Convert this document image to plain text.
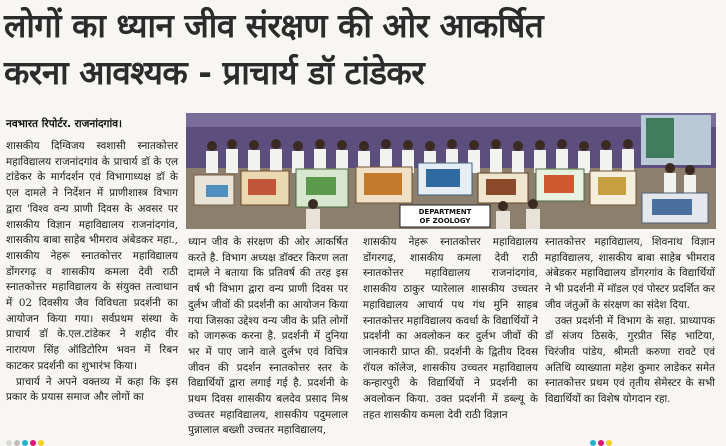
लोगों का ध्यान जीव संरक्षण की ओर आकर्षित
करना आवश्यक - प्राचार्य डॉ टांडेकर
नवभारत रिपोर्टर. राजनांदगांव।

शासकीय दिग्विजय स्वशासी स्नातकोत्तर महाविद्यालय राजनांदगांव के प्राचार्य डॉ के एल टांडेकर के मार्गदर्शन एवं विभागाध्यक्ष डॉ के एल दामले ने निर्देशन में प्राणीशास्त्र विभाग द्वारा 'विश्व वन्य प्राणी दिवस के अवसर पर शासकीय विज्ञान महाविद्यालय राजनांदगांव, शासकीय बाबा साहेब भीमराव अंबेडकर महा., शासकीय नेहरू स्नातकोत्तर महाविद्यालय डोंगरगढ़ व शासकीय कमला देवी राठी स्नातकोत्तर महाविद्यालय के संयुक्त तत्वाधान में 02 दिवसीय जैव विविधता प्रदर्शनी का आयोजन किया गया। सर्वप्रथम संस्था के प्राचार्य डॉ के.एल.टांडेकर ने शहीद वीर नारायण सिंह ऑडिटोरिम भवन में रिबन काटकर प्रदर्शनी का शुभारंभ किया।

प्राचार्य ने अपने वक्तव्य में कहा कि इस प्रकार के प्रयास समाज और लोगों का

DEPARTMENT
OF ZOOLOGY

ध्यान जीव के संरक्षण की ओर आकर्षित करते है. विभाग अध्यक्ष डॉक्टर किरण लता दामले ने बताया कि प्रतिवर्ष की तरह इस वर्ष भी विभाग द्वारा वन्य प्राणी दिवस पर दुर्लभ जीवों की प्रदर्शनी का आयोजन किया गया जिसका उद्देश्य वन्य जीव के प्रति लोगों को जागरूक करना है. प्रदर्शनी में दुनिया भर में पाए जाने वाले दुर्लभ एवं विचित्र जीवन की प्रदर्शन स्नातकोत्तर स्तर के विद्यार्थियों द्वारा लगाई गई है. प्रदर्शनी के प्रथम दिवस शासकीय बलदेव प्रसाद मिश्र उच्चतर महाविद्यालय, शासकीय पदुमलाल पुन्नालाल बख्शी उच्चतर महाविद्यालय,

शासकीय नेहरू स्नातकोत्तर महाविद्यालय डोंगरगढ़, शासकीय कमला देवी राठी स्नातकोत्तर महाविद्यालय राजनांदगांव, शासकीय ठाकुर प्यारेलाल शासकीय उच्चतर महाविद्यालय आचार्य पथ गंध मुनि साहब स्नातकोत्तर महाविद्यालय कवर्धा के विद्यार्थियों ने प्रदर्शनी का अवलोकन कर दुर्लभ जीवों की जानकारी प्राप्त की. प्रदर्शनी के द्वितीय दिवस रॉयल कॉलेज, शासकीय उच्चतर महाविद्यालय कन्हारपुरी के विद्यार्थियों ने प्रदर्शनी का अवलोकन किया. उक्त प्रदर्शनी में डब्ल्यू के तहत शासकीय कमला देवी राठी विज्ञान

स्नातकोत्तर महाविद्यालय, शिवनाथ विज्ञान महाविद्यालय, शासकीय बाबा साहेब भीमराव अंबेडकर महाविद्यालय डोंगरगांव के विद्यार्थियों ने भी प्रदर्शनी में मॉडल एवं पोस्टर प्रदर्शित कर जीव जंतुओं के संरक्षण का संदेश दिया.

उक्त प्रदर्शनी में विभाग के सहा. प्राध्यापक डॉ संजय ठिसके, गुरप्रीत सिंह भाटिया, चिरंजीव पांडेय, श्रीमती करुणा रावटे एवं अतिथि व्याख्याता महेश कुमार लाडेकर समेत स्नातकोत्तर प्रथम एवं तृतीय सेमेस्टर के सभी विद्यार्थियों का विशेष योगदान रहा.
